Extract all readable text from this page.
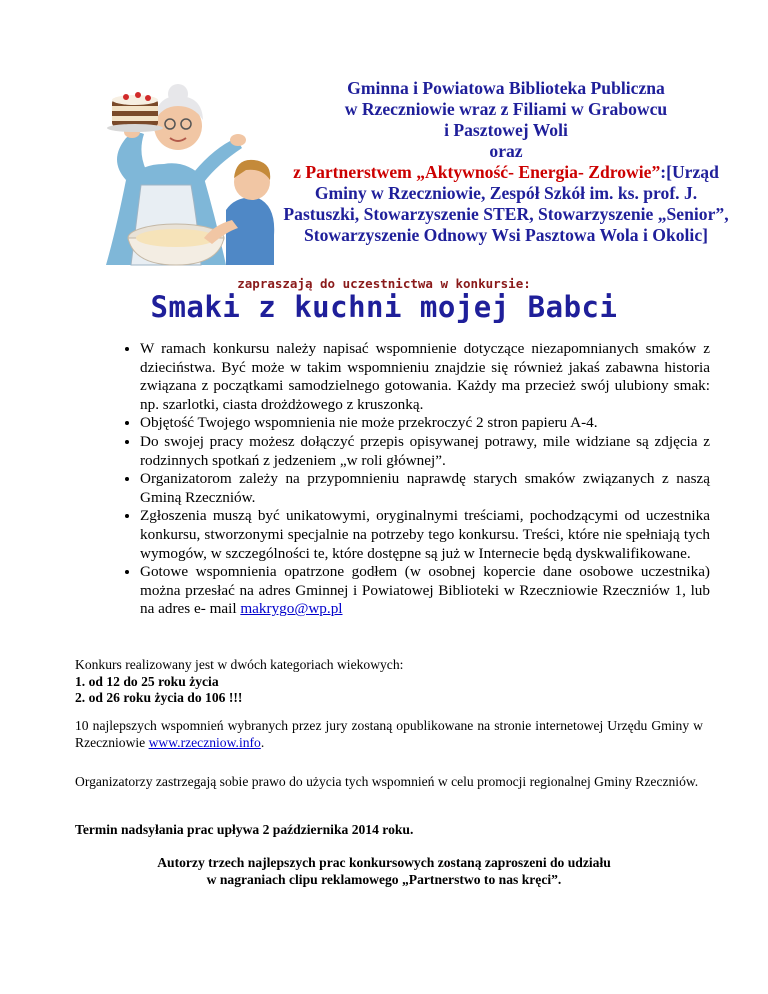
Gminna i Powiatowa Biblioteka Publiczna
w Rzeczniowie wraz z Filiami w Grabowcu
i Pasztowej Woli
oraz
z Partnerstwem „Aktywność- Energia- Zdrowie”:[Urząd Gminy w Rzeczniowie, Zespół Szkół im. ks. prof. J. Pastuszki, Stowarzyszenie STER, Stowarzyszenie „Senior”, Stowarzyszenie Odnowy Wsi Pasztowa Wola i Okolic]
zapraszają do uczestnictwa w konkursie:
Smaki z kuchni mojej Babci
• W ramach konkursu należy napisać wspomnienie dotyczące niezapomnianych smaków z dzieciństwa. Być może w takim wspomnieniu znajdzie się również jakaś zabawna historia związana z początkami samodzielnego gotowania. Każdy ma przecież swój ulubiony smak: np. szarlotki, ciasta drożdżowego z kruszonką.
• Objętość Twojego wspomnienia nie może przekroczyć 2 stron papieru A-4.
• Do swojej pracy możesz dołączyć przepis opisywanej potrawy, mile widziane są zdjęcia z rodzinnych spotkań z jedzeniem „w roli głównej”.
• Organizatorom zależy na przypomnieniu naprawdę starych smaków związanych z naszą Gminą Rzeczniów.
• Zgłoszenia muszą być unikatowymi, oryginalnymi treściami, pochodzącymi od uczestnika konkursu, stworzonymi specjalnie na potrzeby tego konkursu. Treści, które nie spełniają tych wymogów, w szczególności te, które dostępne są już w Internecie będą dyskwalifikowane.
• Gotowe wspomnienia opatrzone godłem (w osobnej kopercie dane osobowe uczestnika) można przesłać na adres Gminnej i Powiatowej Biblioteki w Rzeczniowie Rzeczniów 1, lub na adres e- mail makrygo@wp.pl
Konkurs realizowany jest w dwóch kategoriach wiekowych:
1. od 12 do 25 roku życia
2. od 26 roku życia do 106 !!!
10 najlepszych wspomnień wybranych przez jury zostaną opublikowane na stronie internetowej Urzędu Gminy w Rzeczniowie www.rzeczniow.info.
Organizatorzy zastrzegają sobie prawo do użycia tych wspomnień w celu promocji regionalnej Gminy Rzeczniów.
Termin nadsyłania prac upływa 2 października 2014 roku.
Autorzy trzech najlepszych prac konkursowych zostaną zaproszeni do udziału
w nagraniach clipu reklamowego „Partnerstwo to nas kręci”.
